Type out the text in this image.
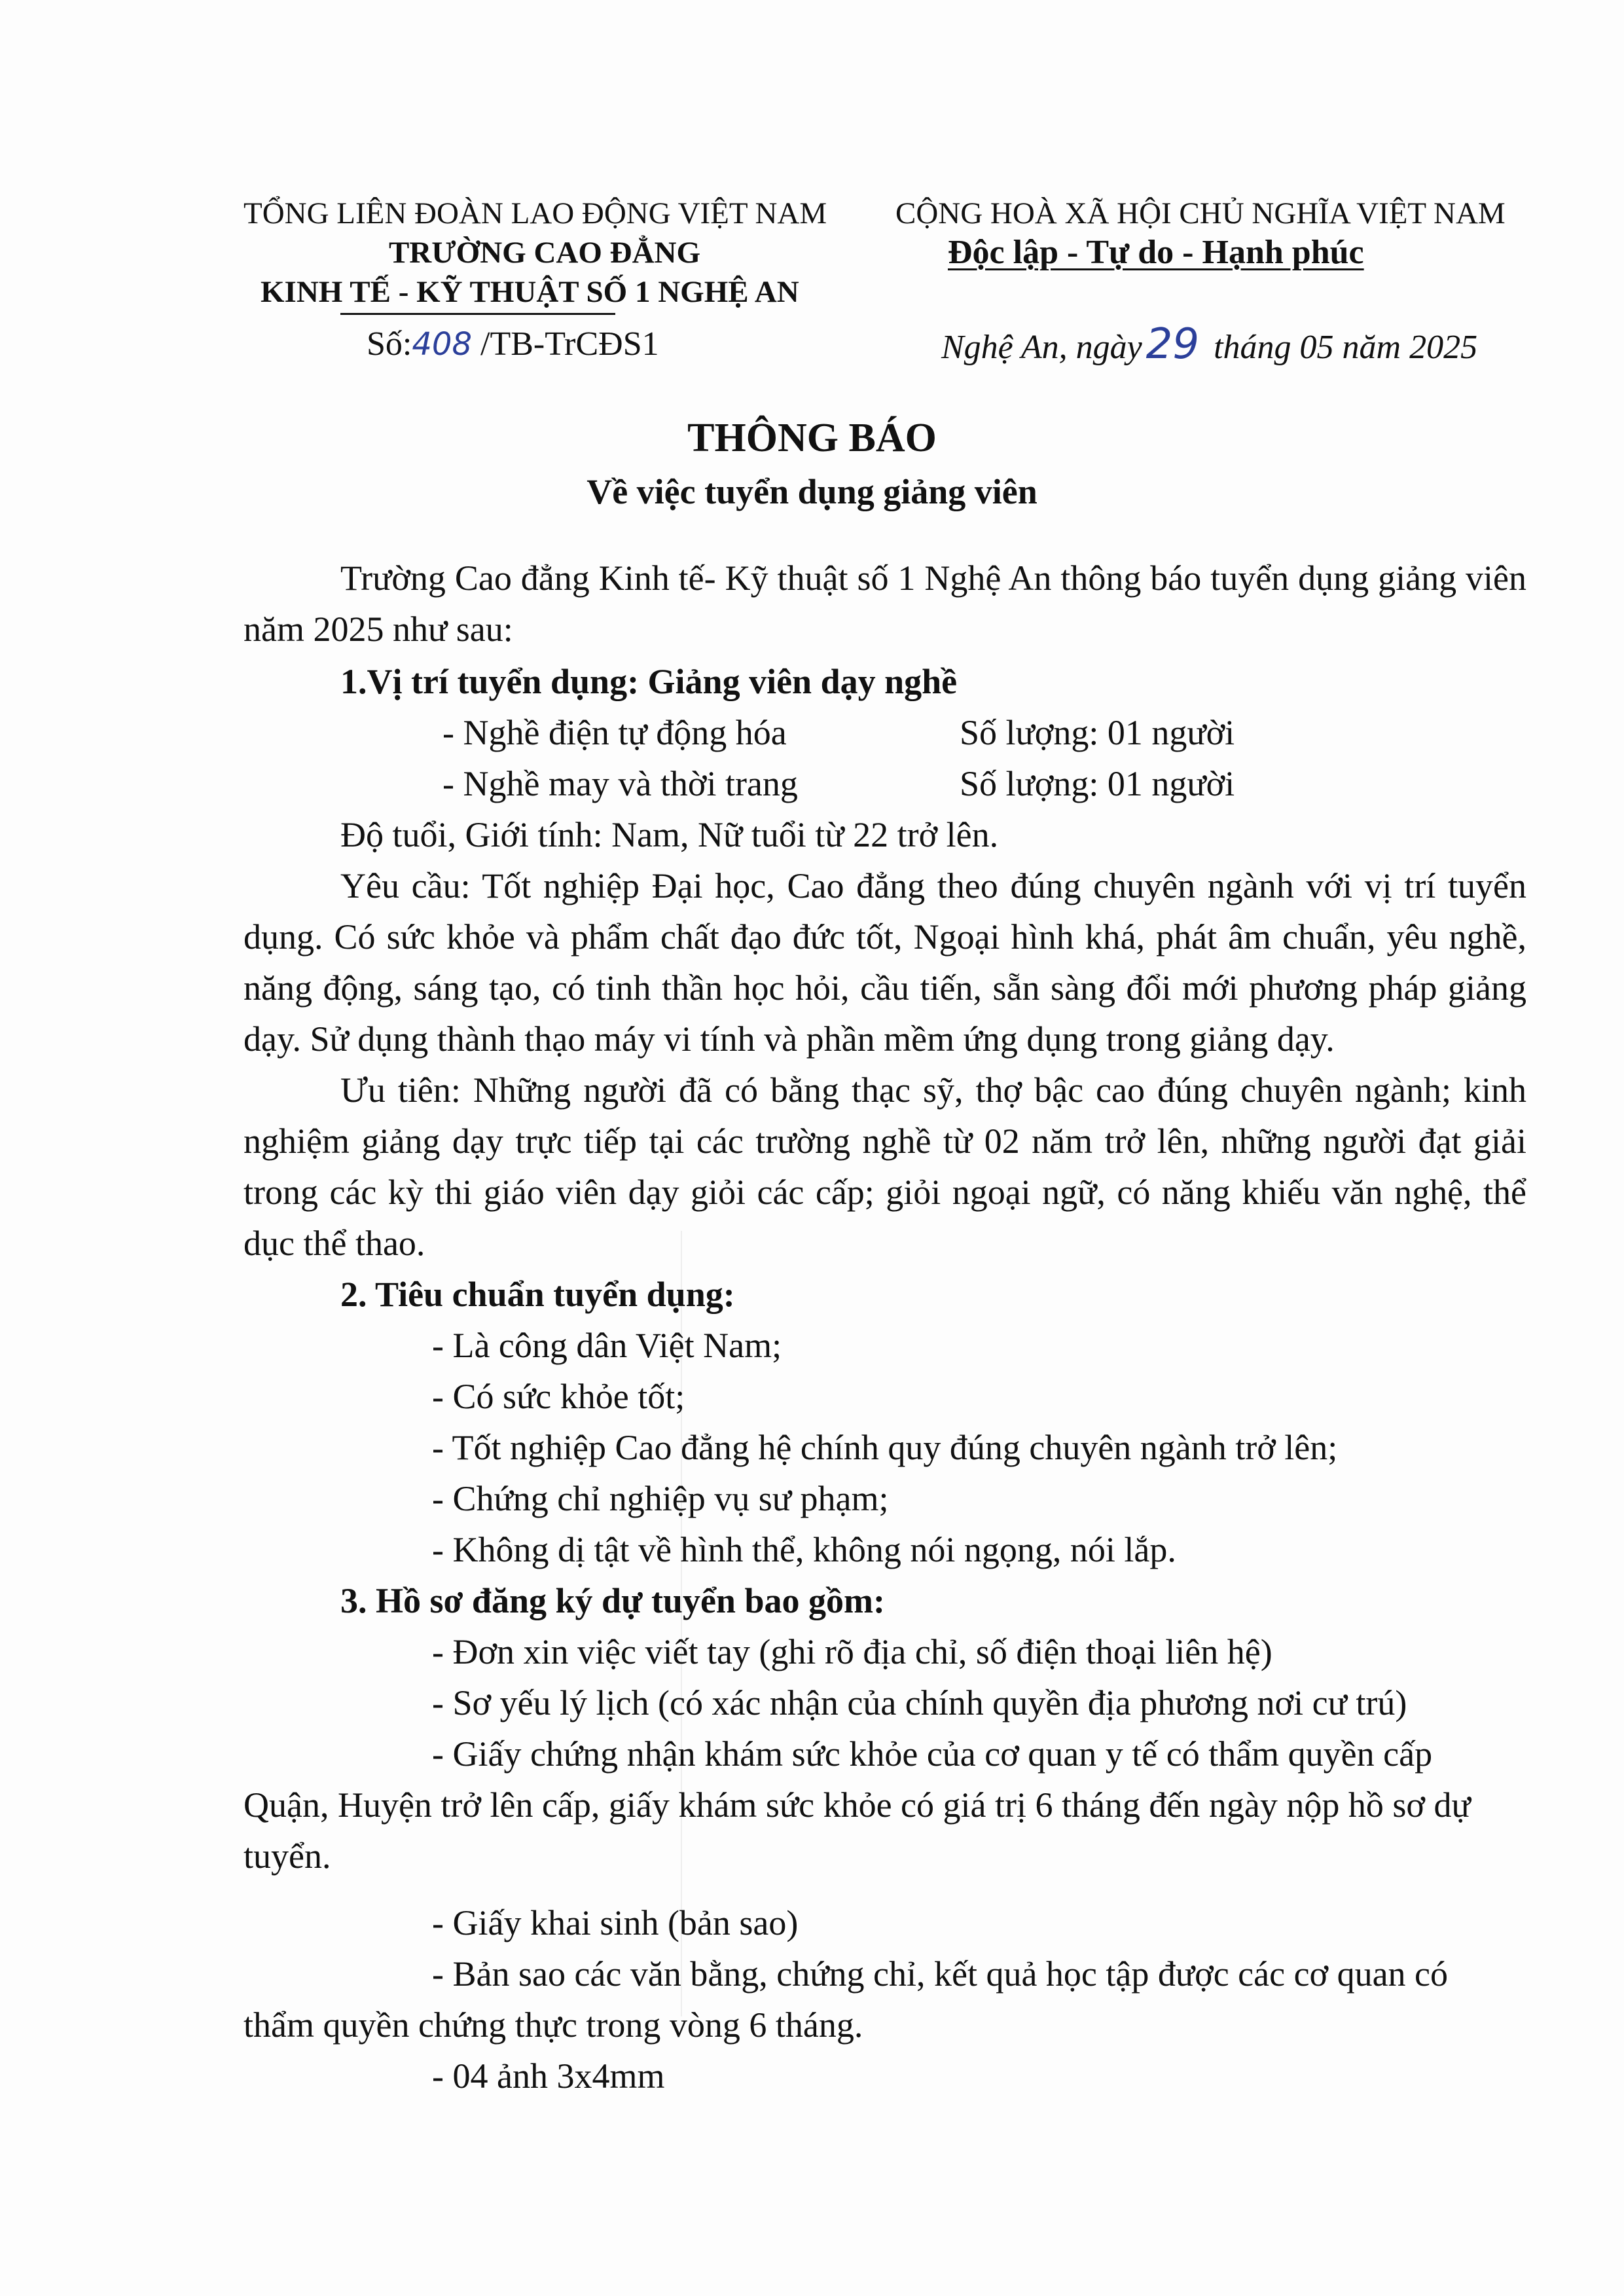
TỔNG LIÊN ĐOÀN LAO ĐỘNG VIỆT NAM
TRƯỜNG CAO ĐẲNG
KINH TẾ - KỸ THUẬT SỐ 1 NGHỆ AN
Số:408 /TB-TrCĐS1
CỘNG HOÀ XÃ HỘI CHỦ NGHĨA VIỆT NAM
Độc lập - Tự do - Hạnh phúc
Nghệ An, ngày29 tháng 05 năm 2025
THÔNG BÁO
Về việc tuyển dụng giảng viên
Trường Cao đẳng Kinh tế- Kỹ thuật số 1 Nghệ An thông báo tuyển dụng giảng viên năm 2025 như sau:
1.Vị trí tuyển dụng: Giảng viên dạy nghề
- Nghề điện tự động hóa	Số lượng: 01 người
- Nghề may và thời trang	Số lượng: 01 người
Độ tuổi, Giới tính: Nam, Nữ tuổi từ 22 trở lên.
Yêu cầu: Tốt nghiệp Đại học, Cao đẳng theo đúng chuyên ngành với vị trí tuyển dụng. Có sức khỏe và phẩm chất đạo đức tốt, Ngoại hình khá, phát âm chuẩn, yêu nghề, năng động, sáng tạo, có tinh thần học hỏi, cầu tiến, sẵn sàng đổi mới phương pháp giảng dạy. Sử dụng thành thạo máy vi tính và phần mềm ứng dụng trong giảng dạy.
Ưu tiên: Những người đã có bằng thạc sỹ, thợ bậc cao đúng chuyên ngành; kinh nghiệm giảng dạy trực tiếp tại các trường nghề từ 02 năm trở lên, những người đạt giải trong các kỳ thi giáo viên dạy giỏi các cấp; giỏi ngoại ngữ, có năng khiếu văn nghệ, thể dục thể thao.
2. Tiêu chuẩn tuyển dụng:
- Là công dân Việt Nam;
- Có sức khỏe tốt;
- Tốt nghiệp Cao đẳng hệ chính quy đúng chuyên ngành trở lên;
- Chứng chỉ nghiệp vụ sư phạm;
- Không dị tật về hình thể, không nói ngọng, nói lắp.
3. Hồ sơ đăng ký dự tuyển bao gồm:
- Đơn xin việc viết tay (ghi rõ địa chỉ, số điện thoại liên hệ)
- Sơ yếu lý lịch (có xác nhận của chính quyền địa phương nơi cư trú)
- Giấy chứng nhận khám sức khỏe của cơ quan y tế có thẩm quyền cấp
Quận, Huyện trở lên cấp, giấy khám sức khỏe có giá trị 6 tháng đến ngày nộp hồ sơ dự
tuyển.
- Giấy khai sinh (bản sao)
- Bản sao các văn bằng, chứng chỉ, kết quả học tập được các cơ quan có
thẩm quyền chứng thực trong vòng 6 tháng.
- 04 ảnh 3x4mm
